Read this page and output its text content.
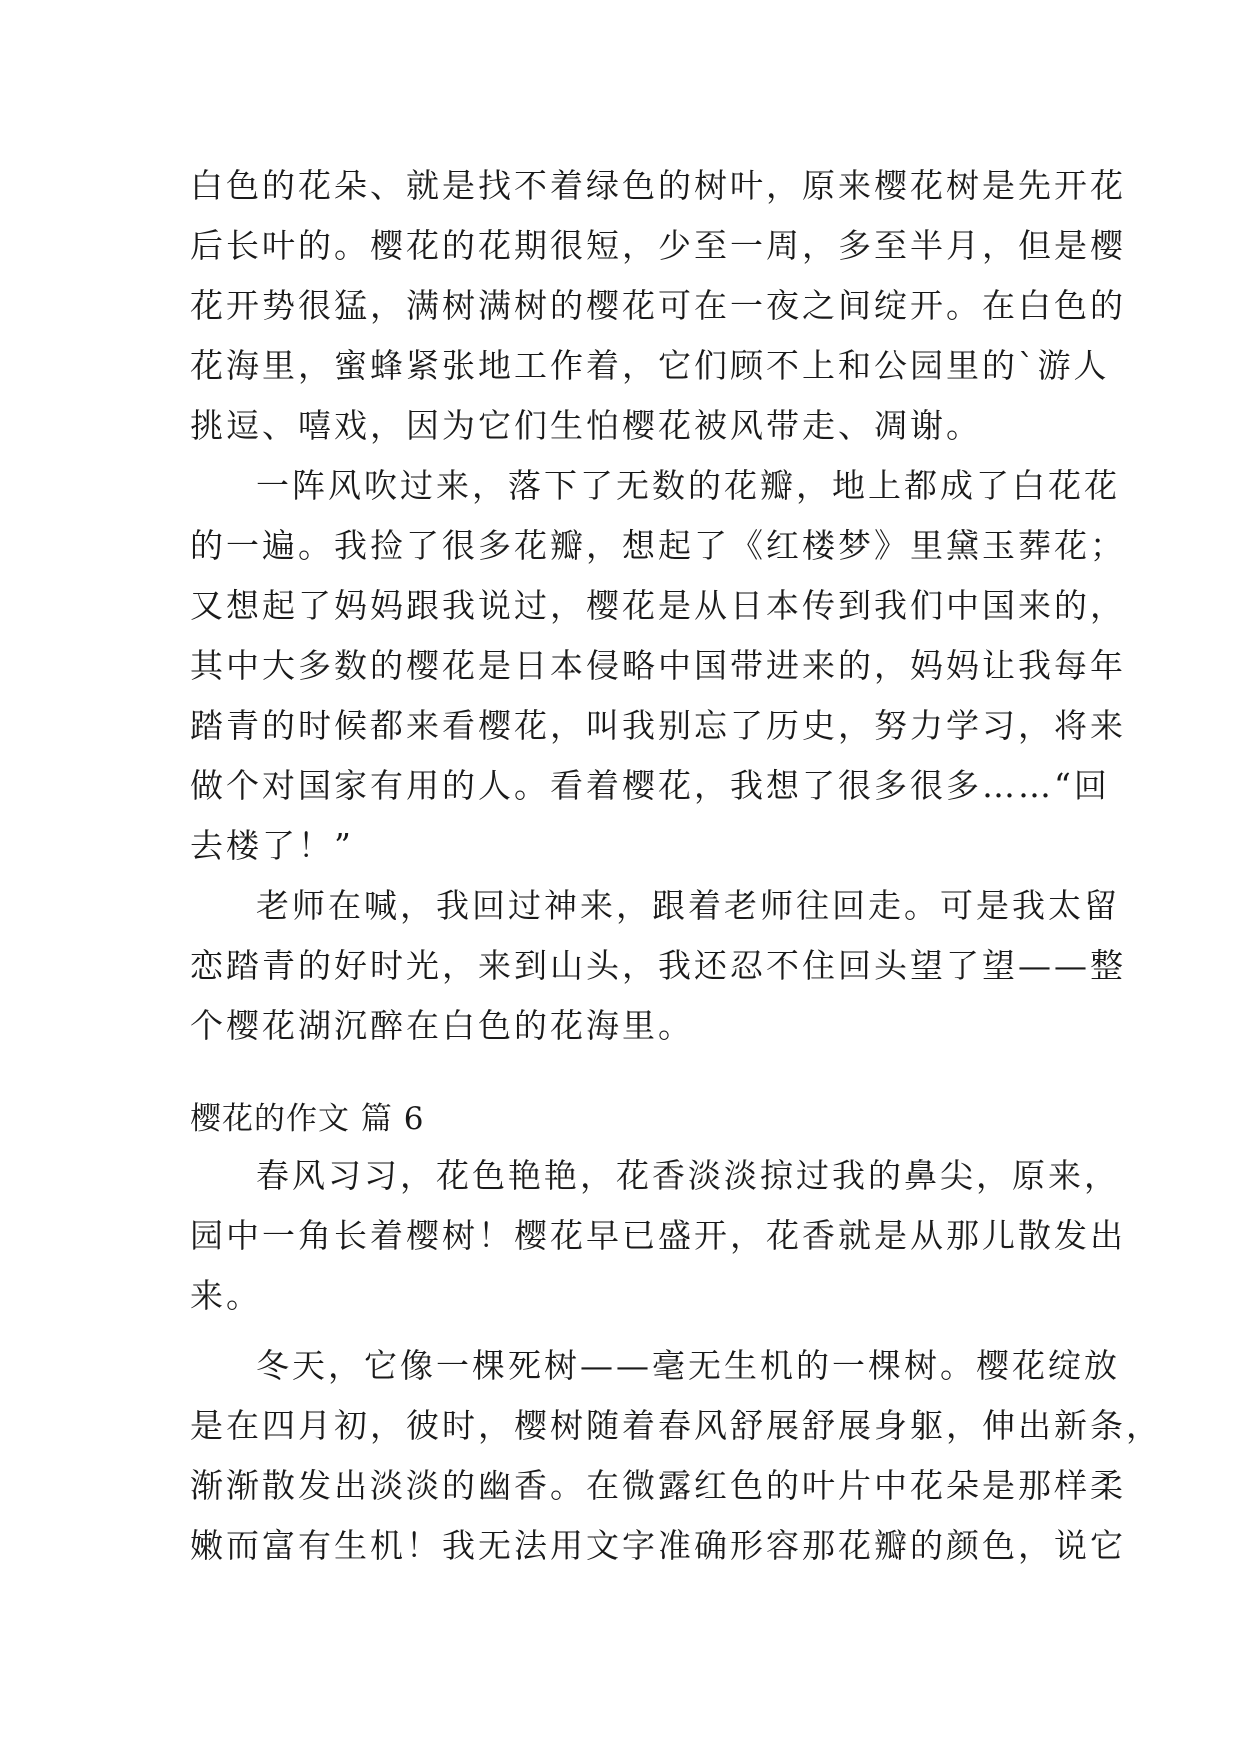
白色的花朵、就是找不着绿色的树叶，原来樱花树是先开花
后长叶的。樱花的花期很短，少至一周，多至半月，但是樱
花开势很猛，满树满树的樱花可在一夜之间绽开。在白色的
花海里，蜜蜂紧张地工作着，它们顾不上和公园里的`游人
挑逗、嘻戏，因为它们生怕樱花被风带走、凋谢。
一阵风吹过来，落下了无数的花瓣，地上都成了白花花
的一遍。我捡了很多花瓣，想起了《红楼梦》里黛玉葬花；
又想起了妈妈跟我说过，樱花是从日本传到我们中国来的，
其中大多数的樱花是日本侵略中国带进来的，妈妈让我每年
踏青的时候都来看樱花，叫我别忘了历史，努力学习，将来
做个对国家有用的人。看着樱花，我想了很多很多……“回
去楼了！”
老师在喊，我回过神来，跟着老师往回走。可是我太留
恋踏青的好时光，来到山头，我还忍不住回头望了望——整
个樱花湖沉醉在白色的花海里。
樱花的作文 篇 6
春风习习，花色艳艳，花香淡淡掠过我的鼻尖，原来，
园中一角长着樱树！樱花早已盛开，花香就是从那儿散发出
来。
冬天，它像一棵死树——毫无生机的一棵树。樱花绽放
是在四月初，彼时，樱树随着春风舒展舒展身躯，伸出新条，
渐渐散发出淡淡的幽香。在微露红色的叶片中花朵是那样柔
嫩而富有生机！我无法用文字准确形容那花瓣的颜色，说它
